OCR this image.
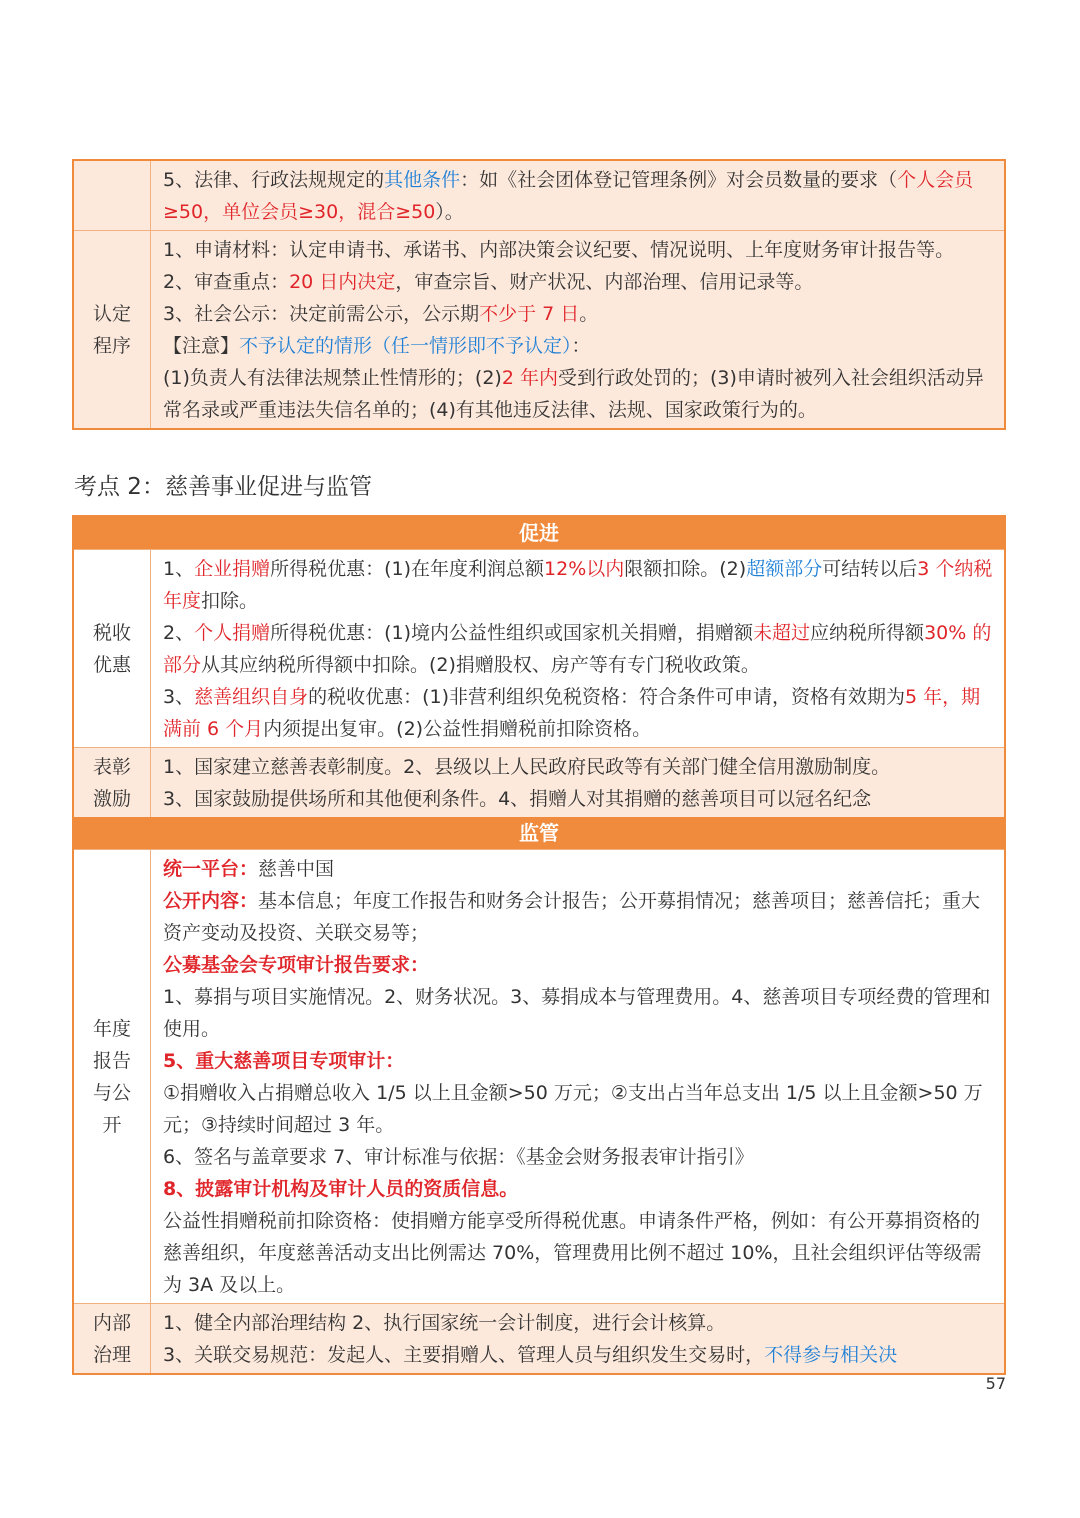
5、法律、行政法规规定的其他条件：如《社会团体登记管理条例》对会员数量的要求（个人会员≥50，单位会员≥30，混合≥50）。

认定程序

1、申请材料：认定申请书、承诺书、内部决策会议纪要、情况说明、上年度财务审计报告等。

2、审查重点：20 日内决定，审查宗旨、财产状况、内部治理、信用记录等。

3、社会公示：决定前需公示，公示期不少于 7 日。

【注意】不予认定的情形（任一情形即不予认定）：

(1)负责人有法律法规禁止性情形的；(2)2 年内受到行政处罚的；(3)申请时被列入社会组织活动异常名录或严重违法失信名单的；(4)有其他违反法律、法规、国家政策行为的。

考点 2：慈善事业促进与监管
促进
税收优惠

1、企业捐赠所得税优惠：(1)在年度利润总额12%以内限额扣除。(2)超额部分可结转以后3 个纳税年度扣除。

2、个人捐赠所得税优惠：(1)境内公益性组织或国家机关捐赠，捐赠额未超过应纳税所得额30% 的部分从其应纳税所得额中扣除。(2)捐赠股权、房产等有专门税收政策。

3、慈善组织自身的税收优惠：(1)非营利组织免税资格：符合条件可申请，资格有效期为5 年，期满前 6 个月内须提出复审。(2)公益性捐赠税前扣除资格。

表彰激励

1、国家建立慈善表彰制度。2、县级以上人民政府民政等有关部门健全信用激励制度。

3、国家鼓励提供场所和其他便利条件。4、捐赠人对其捐赠的慈善项目可以冠名纪念

监管
年度报告与公开

统一平台：慈善中国

公开内容：基本信息；年度工作报告和财务会计报告；公开募捐情况；慈善项目；慈善信托；重大资产变动及投资、关联交易等；

公募基金会专项审计报告要求：

1、募捐与项目实施情况。2、财务状况。3、募捐成本与管理费用。4、慈善项目专项经费的管理和使用。

5、重大慈善项目专项审计：

①捐赠收入占捐赠总收入 1/5 以上且金额>50 万元；②支出占当年总支出 1/5 以上且金额>50 万元；③持续时间超过 3 年。

6、签名与盖章要求 7、审计标准与依据：《基金会财务报表审计指引》

8、披露审计机构及审计人员的资质信息。

公益性捐赠税前扣除资格：使捐赠方能享受所得税优惠。申请条件严格，例如：有公开募捐资格的慈善组织，年度慈善活动支出比例需达 70%，管理费用比例不超过 10%，且社会组织评估等级需为 3A 及以上。

内部治理

1、健全内部治理结构 2、执行国家统一会计制度，进行会计核算。

3、关联交易规范：发起人、主要捐赠人、管理人员与组织发生交易时，不得参与相关决

57
